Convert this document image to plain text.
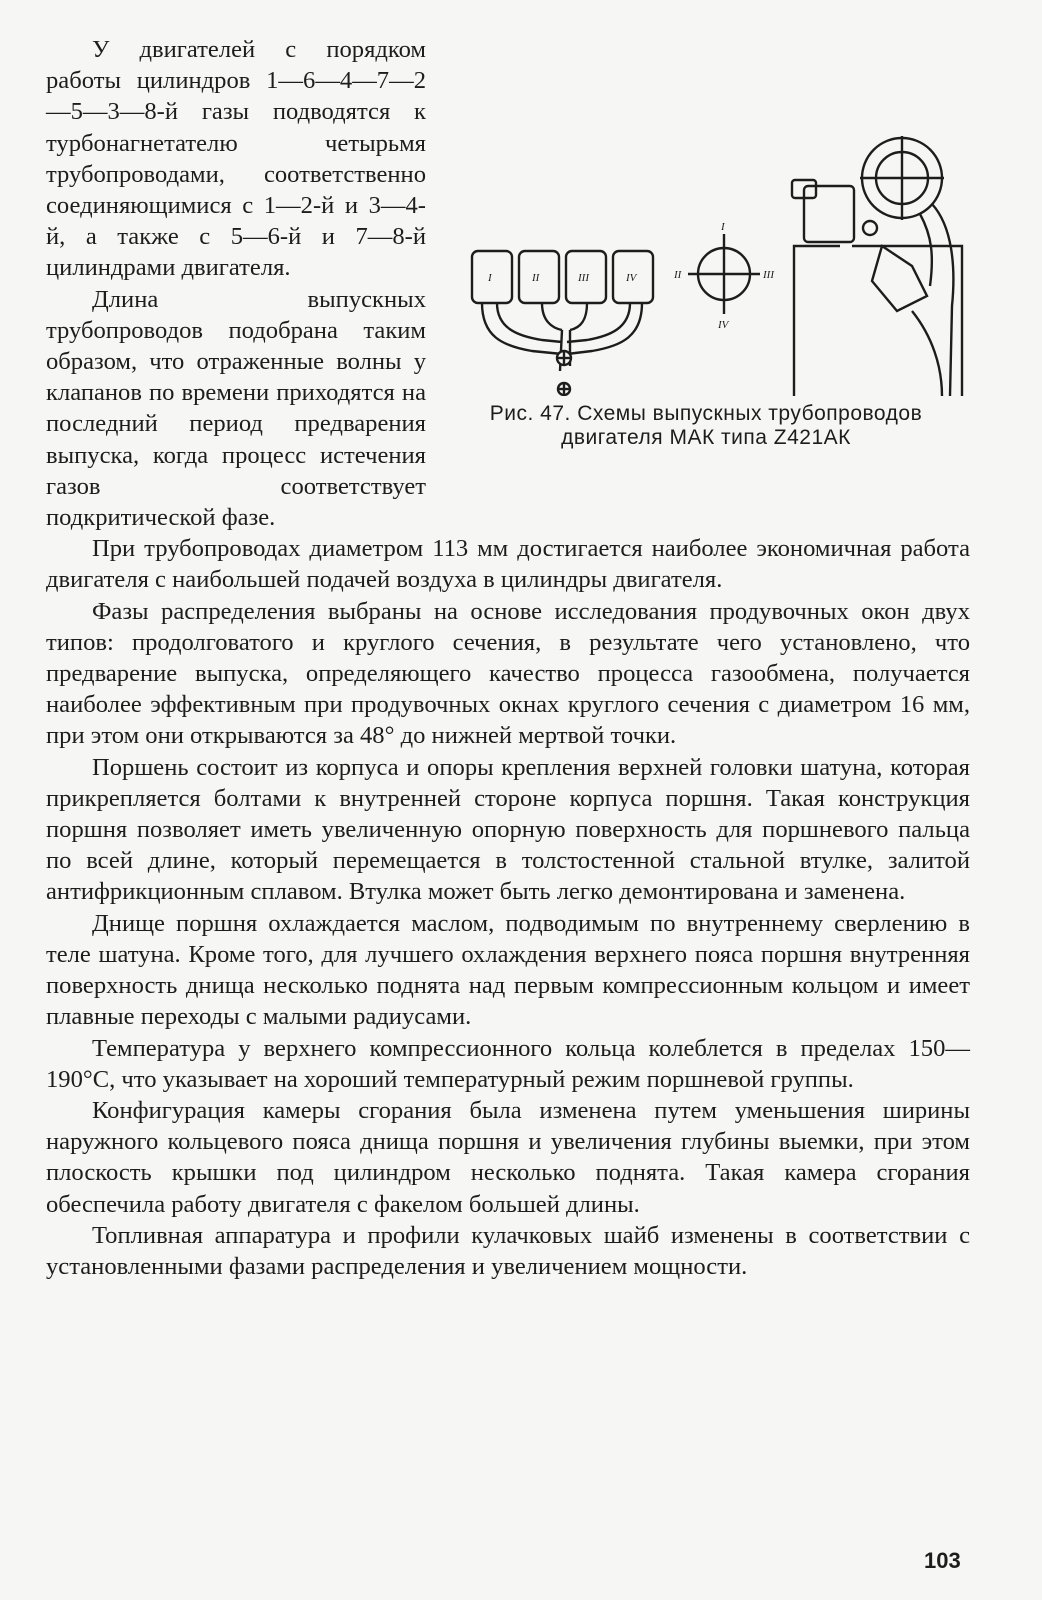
I	II	III	IV
I
II	III
IV
Рис. 47. Схемы выпускных трубопроводов
двигателя МАК типа Z421АК

У двигателей с порядком работы цилиндров 1—6—4—7—2—5—3—8-й газы подводятся к турбонагнетателю четырьмя трубопроводами, соответственно соединяющимися с 1—2-й и 3—4-й, а также с 5—6-й и 7—8-й цилиндрами двигателя.

Длина выпускных трубопроводов подобрана таким образом, что отраженные волны у клапанов по времени приходятся на последний период предварения выпуска, когда процесс истечения газов соответствует подкритической фазе.

При трубопроводах диаметром 113 мм достигается наиболее экономичная работа двигателя с наибольшей подачей воздуха в цилиндры двигателя.

Фазы распределения выбраны на основе исследования продувочных окон двух типов: продолговатого и круглого сечения, в результате чего установлено, что предварение выпуска, определяющего качество процесса газообмена, получается наиболее эффективным при продувочных окнах круглого сечения с диаметром 16 мм, при этом они открываются за 48° до нижней мертвой точки.

Поршень состоит из корпуса и опоры крепления верхней головки шатуна, которая прикрепляется болтами к внутренней стороне корпуса поршня. Такая конструкция поршня позволяет иметь увеличенную опорную поверхность для поршневого пальца по всей длине, который перемещается в толстостенной стальной втулке, залитой антифрикционным сплавом. Втулка может быть легко демонтирована и заменена.

Днище поршня охлаждается маслом, подводимым по внутреннему сверлению в теле шатуна. Кроме того, для лучшего охлаждения верхнего пояса поршня внутренняя поверхность днища несколько поднята над первым компрессионным кольцом и имеет плавные переходы с малыми радиусами.

Температура у верхнего компрессионного кольца колеблется в пределах 150—190°С, что указывает на хороший температурный режим поршневой группы.

Конфигурация камеры сгорания была изменена путем уменьшения ширины наружного кольцевого пояса днища поршня и увеличения глубины выемки, при этом плоскость крышки под цилиндром несколько поднята. Такая камера сгорания обеспечила работу двигателя с факелом большей длины.

Топливная аппаратура и профили кулачковых шайб изменены в соответствии с установленными фазами распределения и увеличением мощности.

103
